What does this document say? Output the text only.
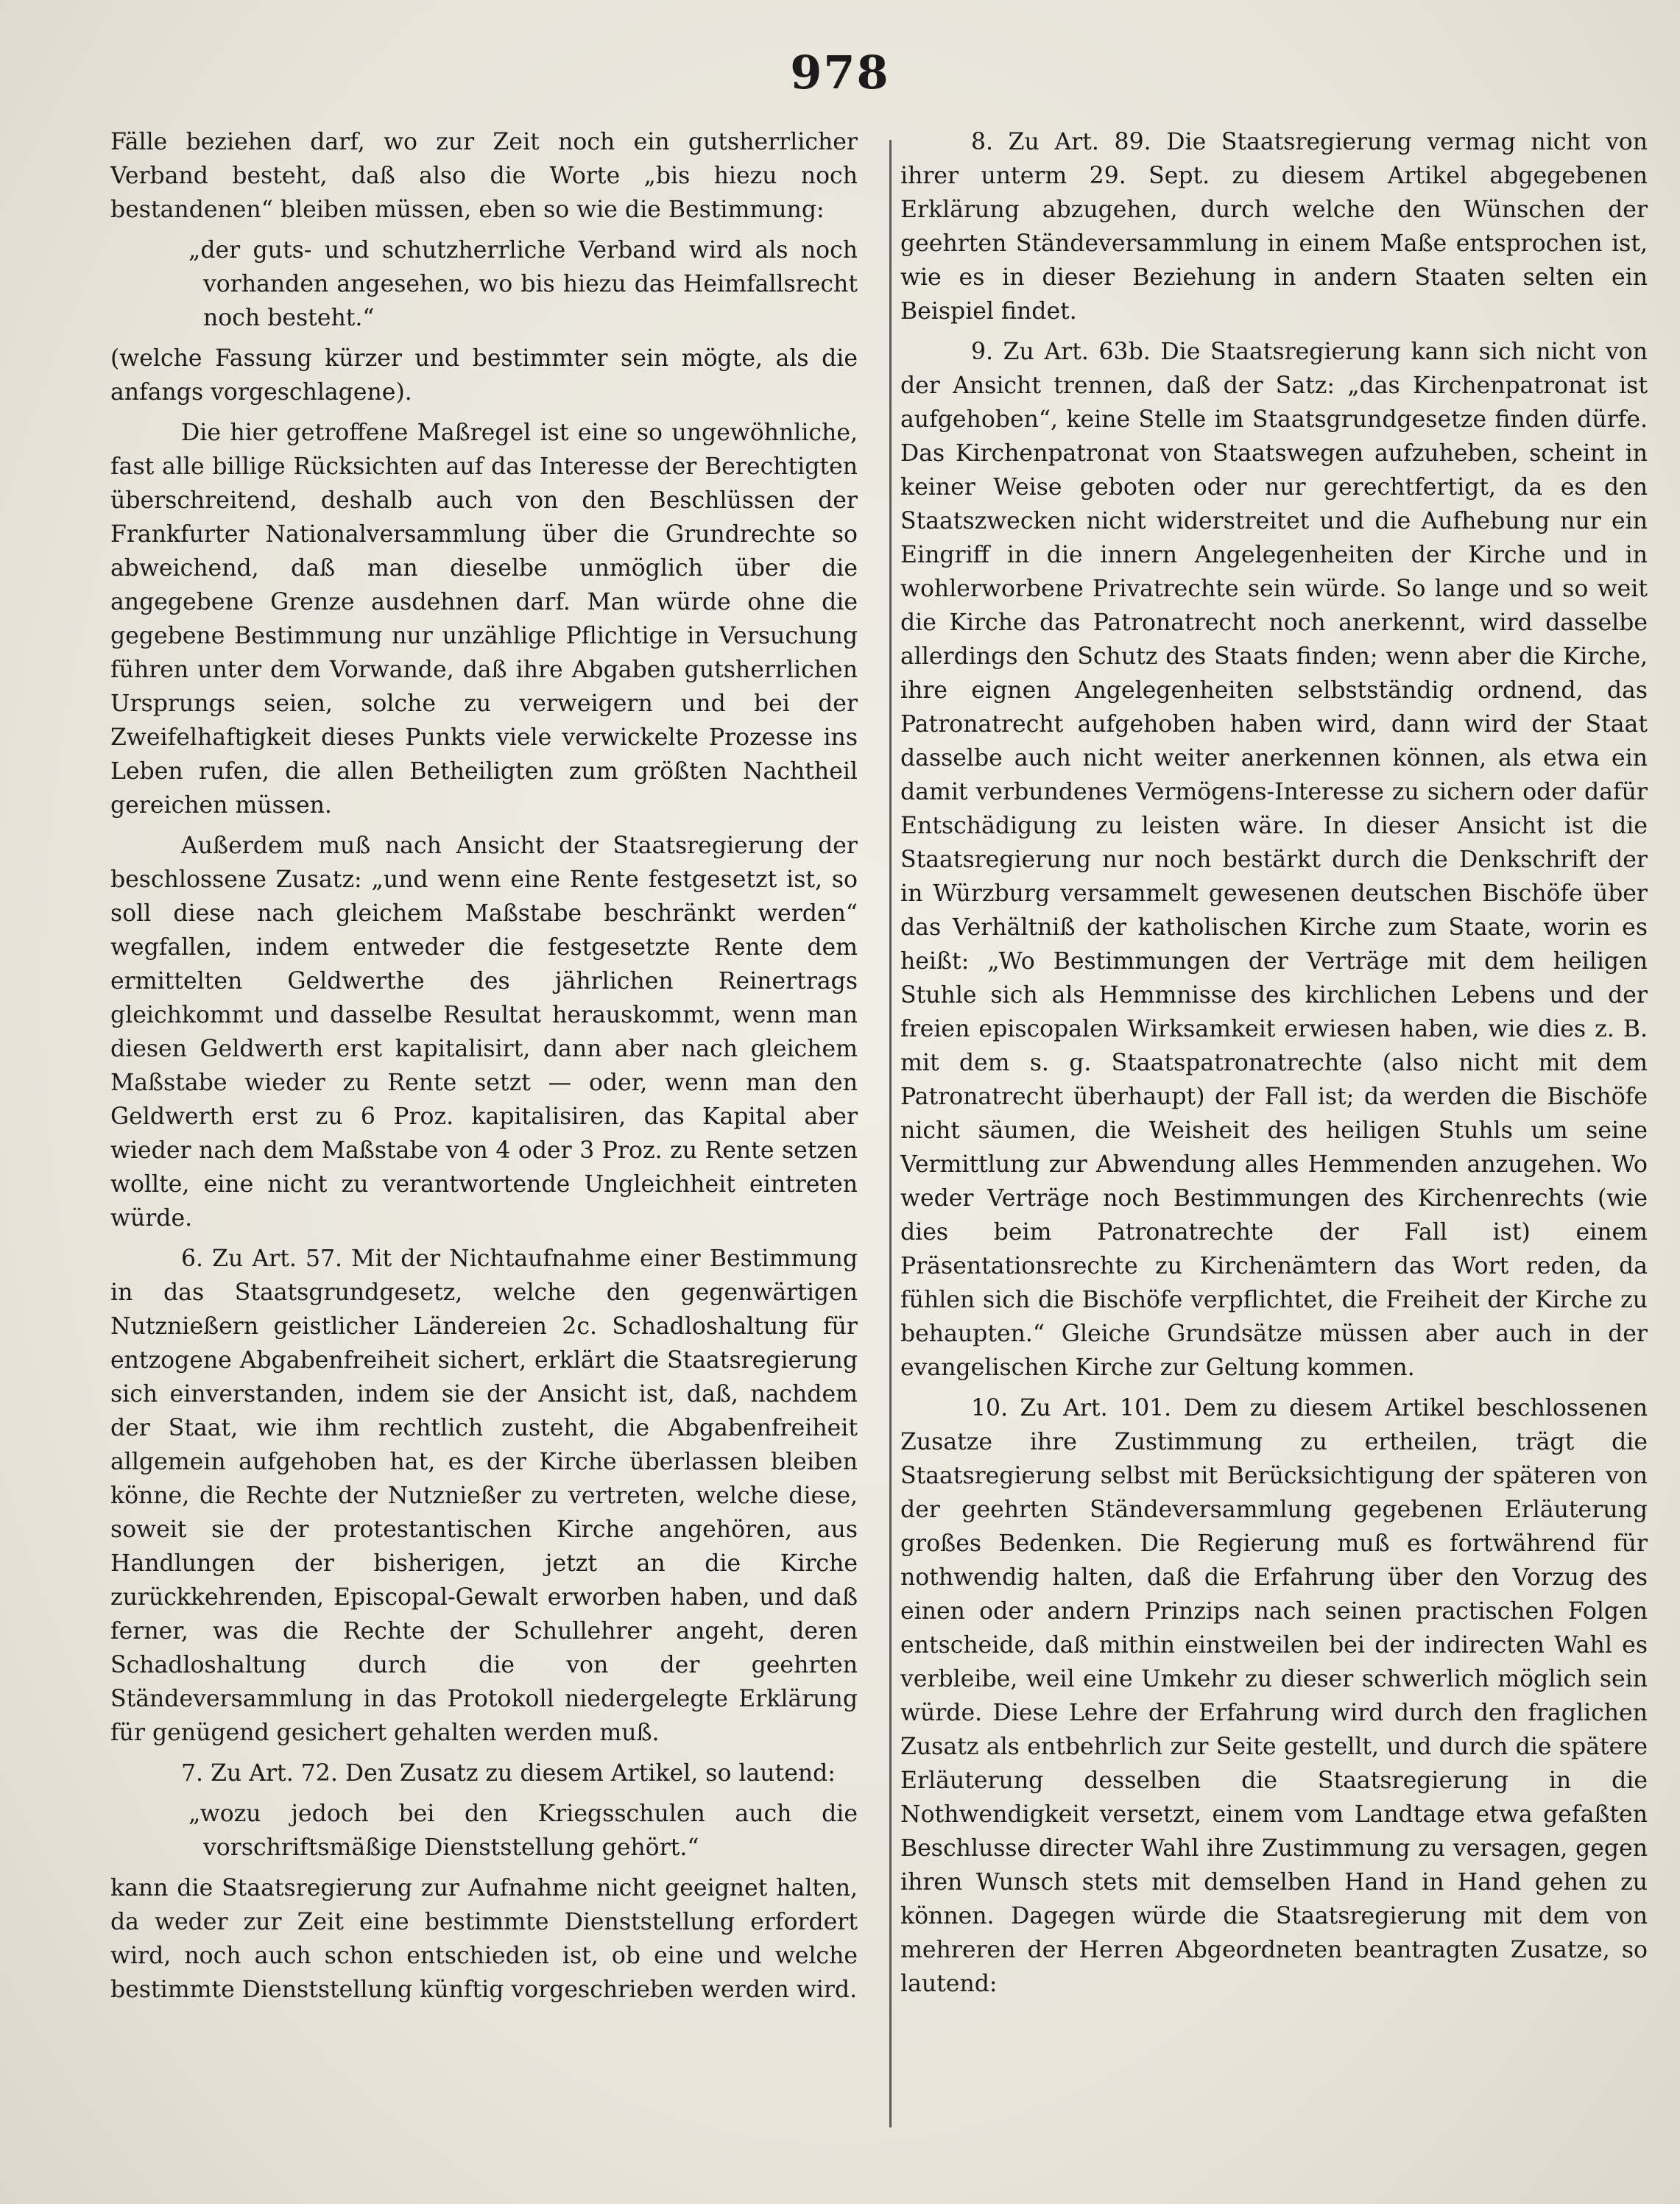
978

Fälle beziehen darf, wo zur Zeit noch ein gutsherrlicher Verband besteht, daß also die Worte „bis hiezu noch bestandenen“ bleiben müssen, eben so wie die Bestimmung:

„der guts- und schutzherrliche Verband wird als noch vorhanden angesehen, wo bis hiezu das Heimfallsrecht noch besteht.“

(welche Fassung kürzer und bestimmter sein mögte, als die anfangs vorgeschlagene).

Die hier getroffene Maßregel ist eine so ungewöhnliche, fast alle billige Rücksichten auf das Interesse der Berechtigten überschreitend, deshalb auch von den Beschlüssen der Frankfurter Nationalversammlung über die Grundrechte so abweichend, daß man dieselbe unmöglich über die angegebene Grenze ausdehnen darf. Man würde ohne die gegebene Bestimmung nur unzählige Pflichtige in Versuchung führen unter dem Vorwande, daß ihre Abgaben gutsherrlichen Ursprungs seien, solche zu verweigern und bei der Zweifelhaftigkeit dieses Punkts viele verwickelte Prozesse ins Leben rufen, die allen Betheiligten zum größten Nachtheil gereichen müssen.

Außerdem muß nach Ansicht der Staatsregierung der beschlossene Zusatz: „und wenn eine Rente festgesetzt ist, so soll diese nach gleichem Maßstabe beschränkt werden“ wegfallen, indem entweder die festgesetzte Rente dem ermittelten Geldwerthe des jährlichen Reinertrags gleichkommt und dasselbe Resultat herauskommt, wenn man diesen Geldwerth erst kapitalisirt, dann aber nach gleichem Maßstabe wieder zu Rente setzt — oder, wenn man den Geldwerth erst zu 6 Proz. kapitalisiren, das Kapital aber wieder nach dem Maßstabe von 4 oder 3 Proz. zu Rente setzen wollte, eine nicht zu verantwortende Ungleichheit eintreten würde.

6. Zu Art. 57. Mit der Nichtaufnahme einer Bestimmung in das Staatsgrundgesetz, welche den gegenwärtigen Nutznießern geistlicher Ländereien 2c. Schadloshaltung für entzogene Abgabenfreiheit sichert, erklärt die Staatsregierung sich einverstanden, indem sie der Ansicht ist, daß, nachdem der Staat, wie ihm rechtlich zusteht, die Abgabenfreiheit allgemein aufgehoben hat, es der Kirche überlassen bleiben könne, die Rechte der Nutznießer zu vertreten, welche diese, soweit sie der protestantischen Kirche angehören, aus Handlungen der bisherigen, jetzt an die Kirche zurückkehrenden, Episcopal-Gewalt erworben haben, und daß ferner, was die Rechte der Schullehrer angeht, deren Schadloshaltung durch die von der geehrten Ständeversammlung in das Protokoll niedergelegte Erklärung für genügend gesichert gehalten werden muß.

7. Zu Art. 72. Den Zusatz zu diesem Artikel, so lautend:

„wozu jedoch bei den Kriegsschulen auch die vorschriftsmäßige Dienststellung gehört.“

kann die Staatsregierung zur Aufnahme nicht geeignet halten, da weder zur Zeit eine bestimmte Dienststellung erfordert wird, noch auch schon entschieden ist, ob eine und welche bestimmte Dienststellung künftig vorgeschrieben werden wird.

8. Zu Art. 89. Die Staatsregierung vermag nicht von ihrer unterm 29. Sept. zu diesem Artikel abgegebenen Erklärung abzugehen, durch welche den Wünschen der geehrten Ständeversammlung in einem Maße entsprochen ist, wie es in dieser Beziehung in andern Staaten selten ein Beispiel findet.

9. Zu Art. 63b. Die Staatsregierung kann sich nicht von der Ansicht trennen, daß der Satz: „das Kirchenpatronat ist aufgehoben“, keine Stelle im Staatsgrundgesetze finden dürfe. Das Kirchenpatronat von Staatswegen aufzuheben, scheint in keiner Weise geboten oder nur gerechtfertigt, da es den Staatszwecken nicht widerstreitet und die Aufhebung nur ein Eingriff in die innern Angelegenheiten der Kirche und in wohlerworbene Privatrechte sein würde. So lange und so weit die Kirche das Patronatrecht noch anerkennt, wird dasselbe allerdings den Schutz des Staats finden; wenn aber die Kirche, ihre eignen Angelegenheiten selbstständig ordnend, das Patronatrecht aufgehoben haben wird, dann wird der Staat dasselbe auch nicht weiter anerkennen können, als etwa ein damit verbundenes Vermögens-Interesse zu sichern oder dafür Entschädigung zu leisten wäre. In dieser Ansicht ist die Staatsregierung nur noch bestärkt durch die Denkschrift der in Würzburg versammelt gewesenen deutschen Bischöfe über das Verhältniß der katholischen Kirche zum Staate, worin es heißt: „Wo Bestimmungen der Verträge mit dem heiligen Stuhle sich als Hemmnisse des kirchlichen Lebens und der freien episcopalen Wirksamkeit erwiesen haben, wie dies z. B. mit dem s. g. Staatspatronatrechte (also nicht mit dem Patronatrecht überhaupt) der Fall ist; da werden die Bischöfe nicht säumen, die Weisheit des heiligen Stuhls um seine Vermittlung zur Abwendung alles Hemmenden anzugehen. Wo weder Verträge noch Bestimmungen des Kirchenrechts (wie dies beim Patronatrechte der Fall ist) einem Präsentationsrechte zu Kirchenämtern das Wort reden, da fühlen sich die Bischöfe verpflichtet, die Freiheit der Kirche zu behaupten.“ Gleiche Grundsätze müssen aber auch in der evangelischen Kirche zur Geltung kommen.

10. Zu Art. 101. Dem zu diesem Artikel beschlossenen Zusatze ihre Zustimmung zu ertheilen, trägt die Staatsregierung selbst mit Berücksichtigung der späteren von der geehrten Ständeversammlung gegebenen Erläuterung großes Bedenken. Die Regierung muß es fortwährend für nothwendig halten, daß die Erfahrung über den Vorzug des einen oder andern Prinzips nach seinen practischen Folgen entscheide, daß mithin einstweilen bei der indirecten Wahl es verbleibe, weil eine Umkehr zu dieser schwerlich möglich sein würde. Diese Lehre der Erfahrung wird durch den fraglichen Zusatz als entbehrlich zur Seite gestellt, und durch die spätere Erläuterung desselben die Staatsregierung in die Nothwendigkeit versetzt, einem vom Landtage etwa gefaßten Beschlusse directer Wahl ihre Zustimmung zu versagen, gegen ihren Wunsch stets mit demselben Hand in Hand gehen zu können. Dagegen würde die Staatsregierung mit dem von mehreren der Herren Abgeordneten beantragten Zusatze, so lautend:
